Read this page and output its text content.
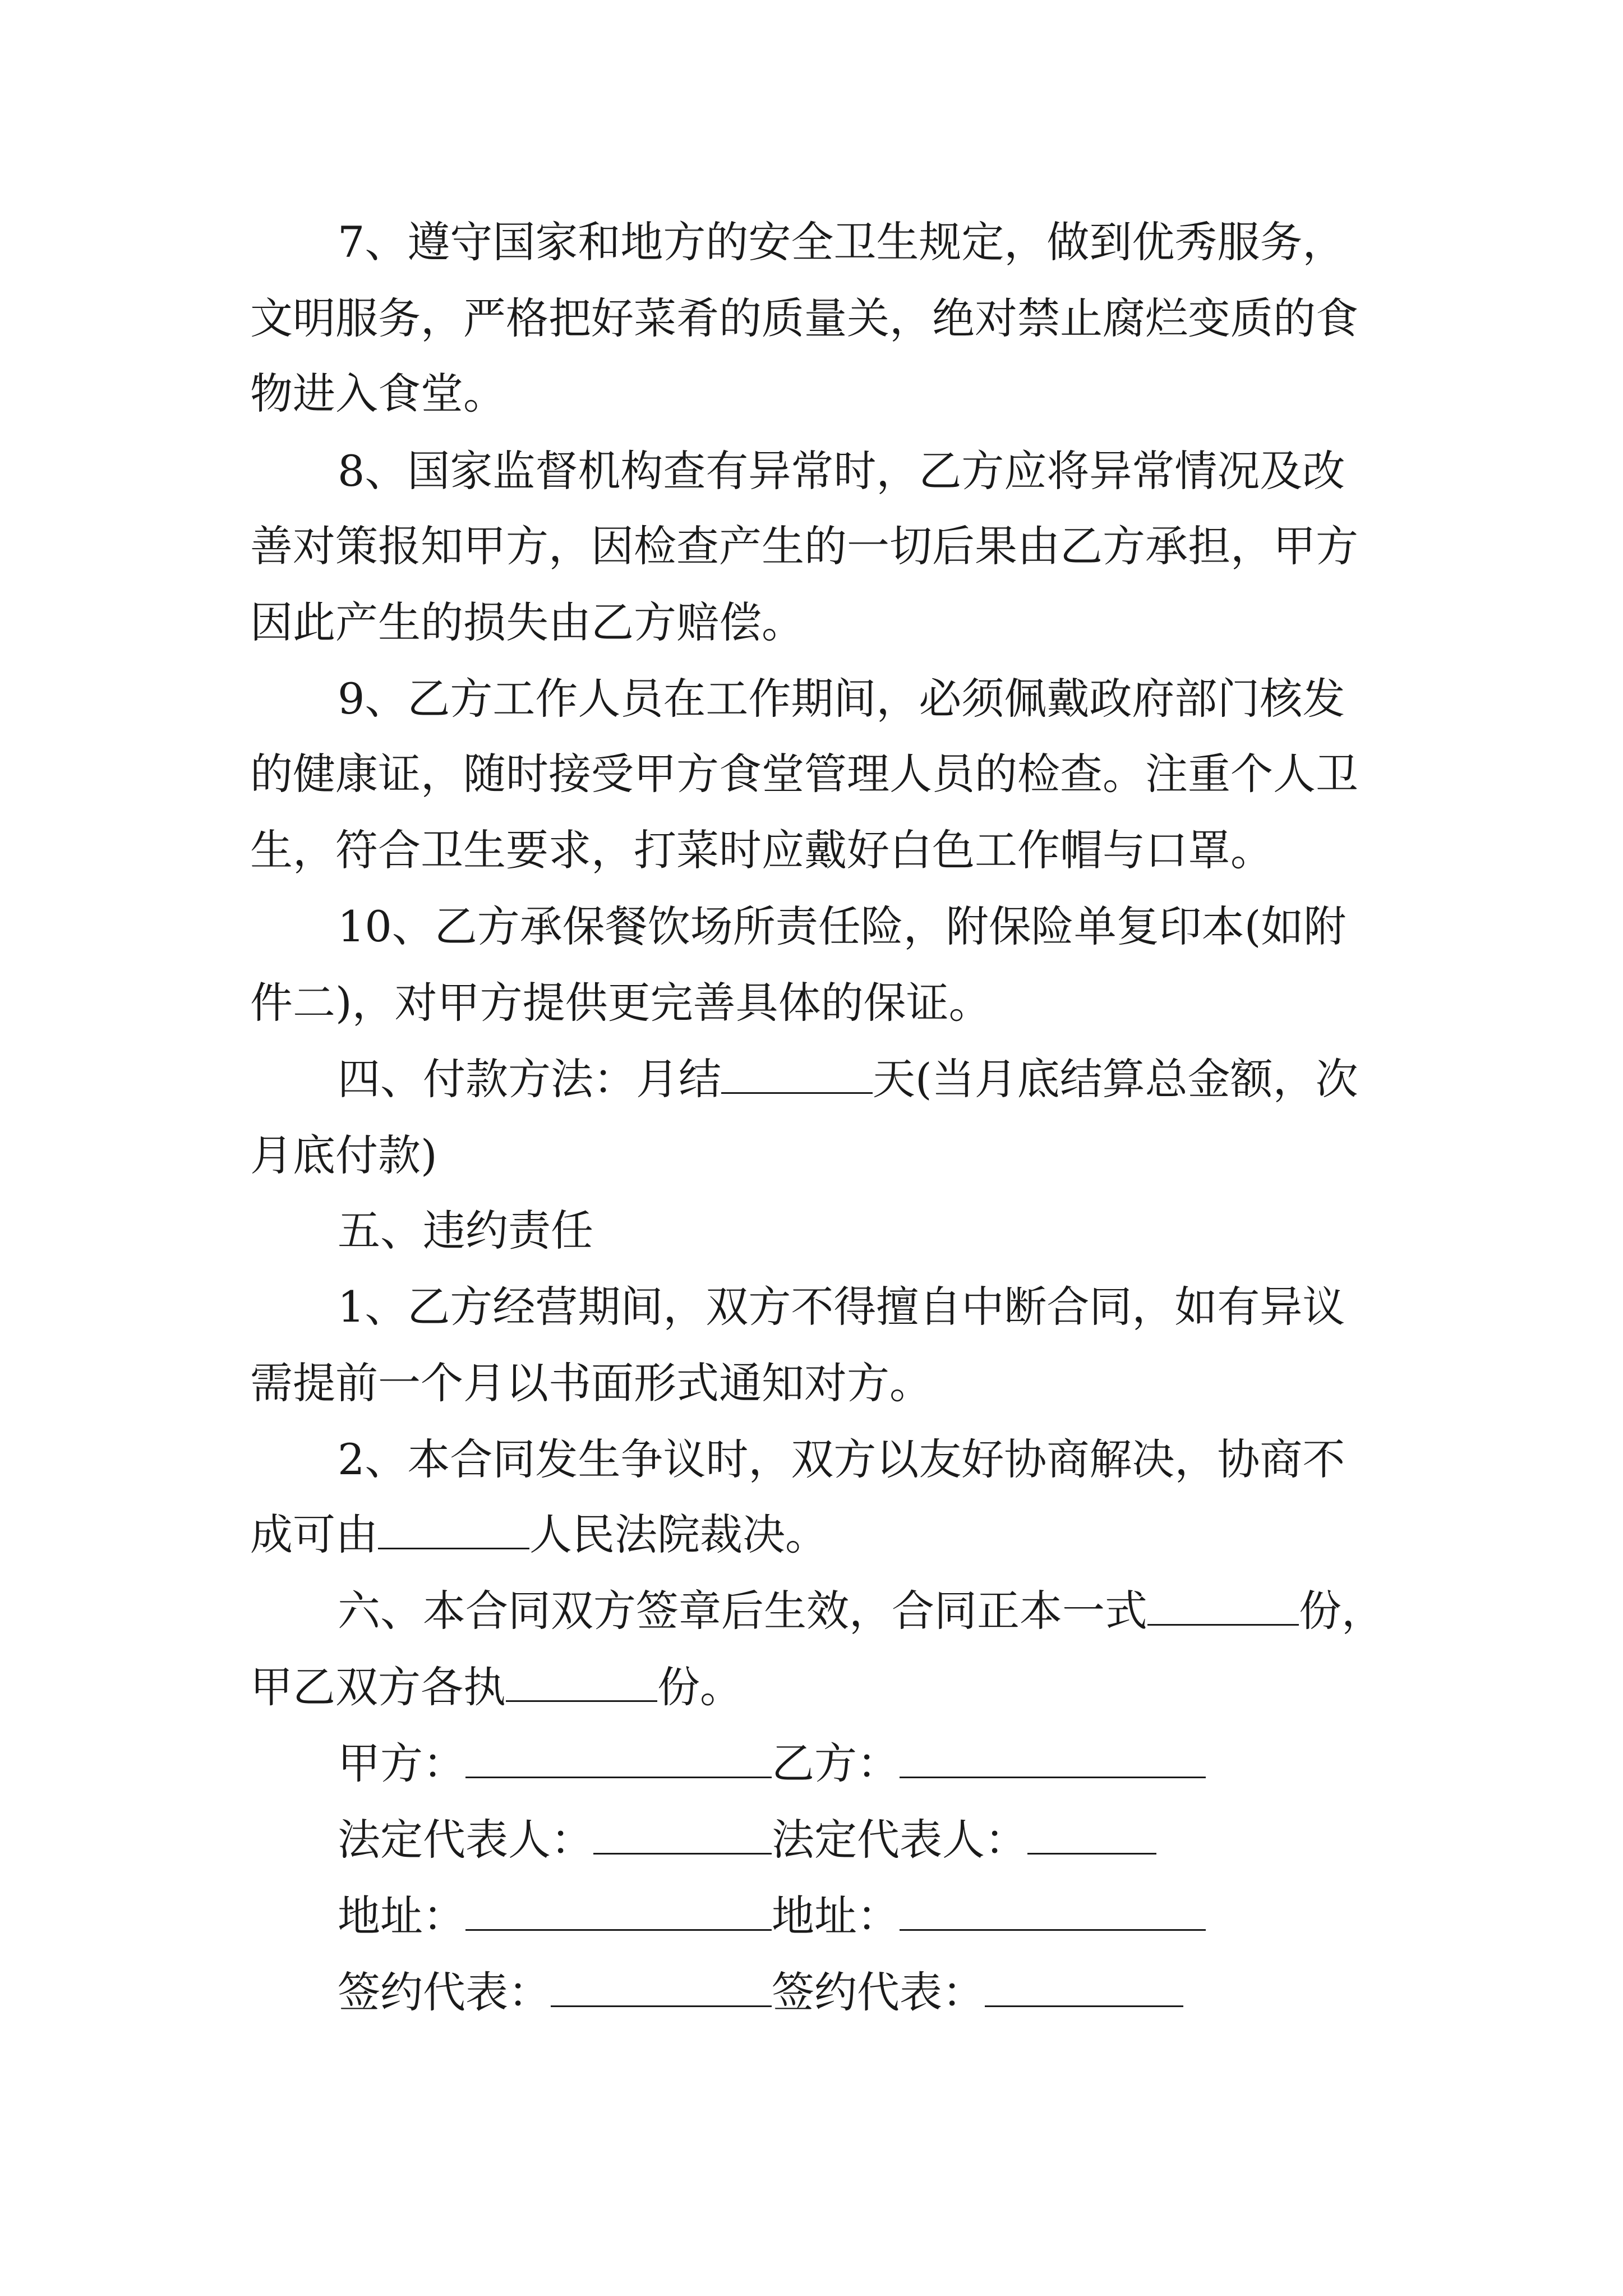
7、遵守国家和地方的安全卫生规定，做到优秀服务，
文明服务，严格把好菜肴的质量关，绝对禁止腐烂变质的食
物进入食堂。
8、国家监督机构查有异常时，乙方应将异常情况及改
善对策报知甲方，因检查产生的一切后果由乙方承担，甲方
因此产生的损失由乙方赔偿。
9、乙方工作人员在工作期间，必须佩戴政府部门核发
的健康证，随时接受甲方食堂管理人员的检查。注重个人卫
生，符合卫生要求，打菜时应戴好白色工作帽与口罩。
10、乙方承保餐饮场所责任险，附保险单复印本(如附
件二)，对甲方提供更完善具体的保证。
四、付款方法：月结	天(当月底结算总金额，次
月底付款)
五、违约责任
1、乙方经营期间，双方不得擅自中断合同，如有异议
需提前一个月以书面形式通知对方。
2、本合同发生争议时，双方以友好协商解决，协商不
成可由	人民法院裁决。
六、本合同双方签章后生效，合同正本一式	份，
甲乙双方各执	份。
甲方：	乙方：
法定代表人：	法定代表人：
地址：	地址：
签约代表：	签约代表：
